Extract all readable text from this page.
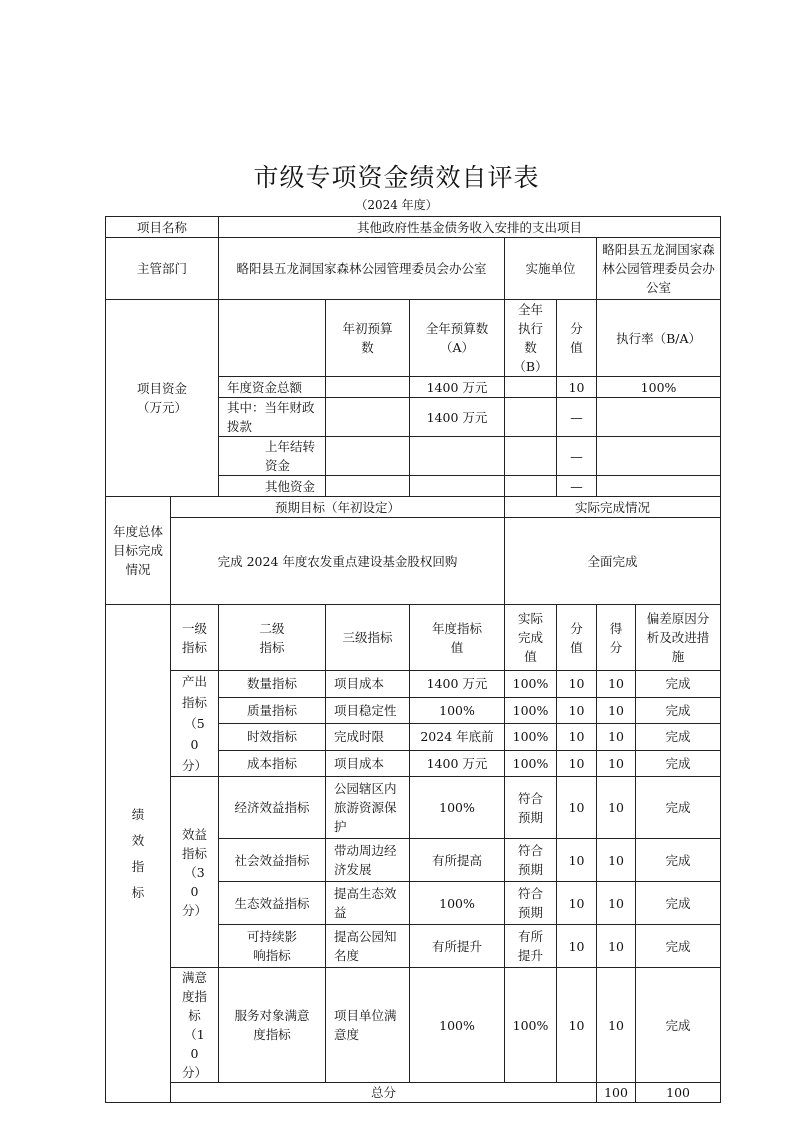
市级专项资金绩效自评表
（2024 年度）
项目名称		其他政府性基金债务收入安排的支出项目							
主管部门		略阳县五龙洞国家森林公园管理委员会办公室			实施单位		略阳县五龙洞国家森林公园管理委员会办公室		
项目资金（万元）			年初预算数	全年预算数（A）	全年执行数（B）	分值	执行率（B/A）	
		年度资金总额		1400 万元		10	100%		
		其中：当年财政拨款		1400 万元		—		
		上年结转资金				—		
		其他资金				—		
年度总体目标完成情况	预期目标（年初设定）				实际完成情况				
	完成 2024 年度农发重点建设基金股权回购				全面完成				
绩效指标	一级指标	二级指标	三级指标	年度指标值	实际完成值	分值	得分	偏差原因分析及改进措施	
	产出指标（50 分）	数量指标	项目成本	1400 万元	100%	10	10	完成	
		质量指标	项目稳定性	100%	100%	10	10	完成	
		时效指标	完成时限	2024 年底前	100%	10	10	完成	
		成本指标	项目成本	1400 万元	100%	10	10	完成	
	效益指标（30 分）	经济效益指标	公园辖区内旅游资源保护	100%	符合预期	10	10	完成	
		社会效益指标	带动周边经济发展	有所提高	符合预期	10	10	完成	
		生态效益指标	提高生态效益	100%	符合预期	10	10	完成	
		可持续影响指标	提高公园知名度	有所提升	有所提升	10	10	完成	
	满意度指标（10 分）	服务对象满意度指标	项目单位满意度	100%	100%	10	10	完成	
	总分						100	100	
